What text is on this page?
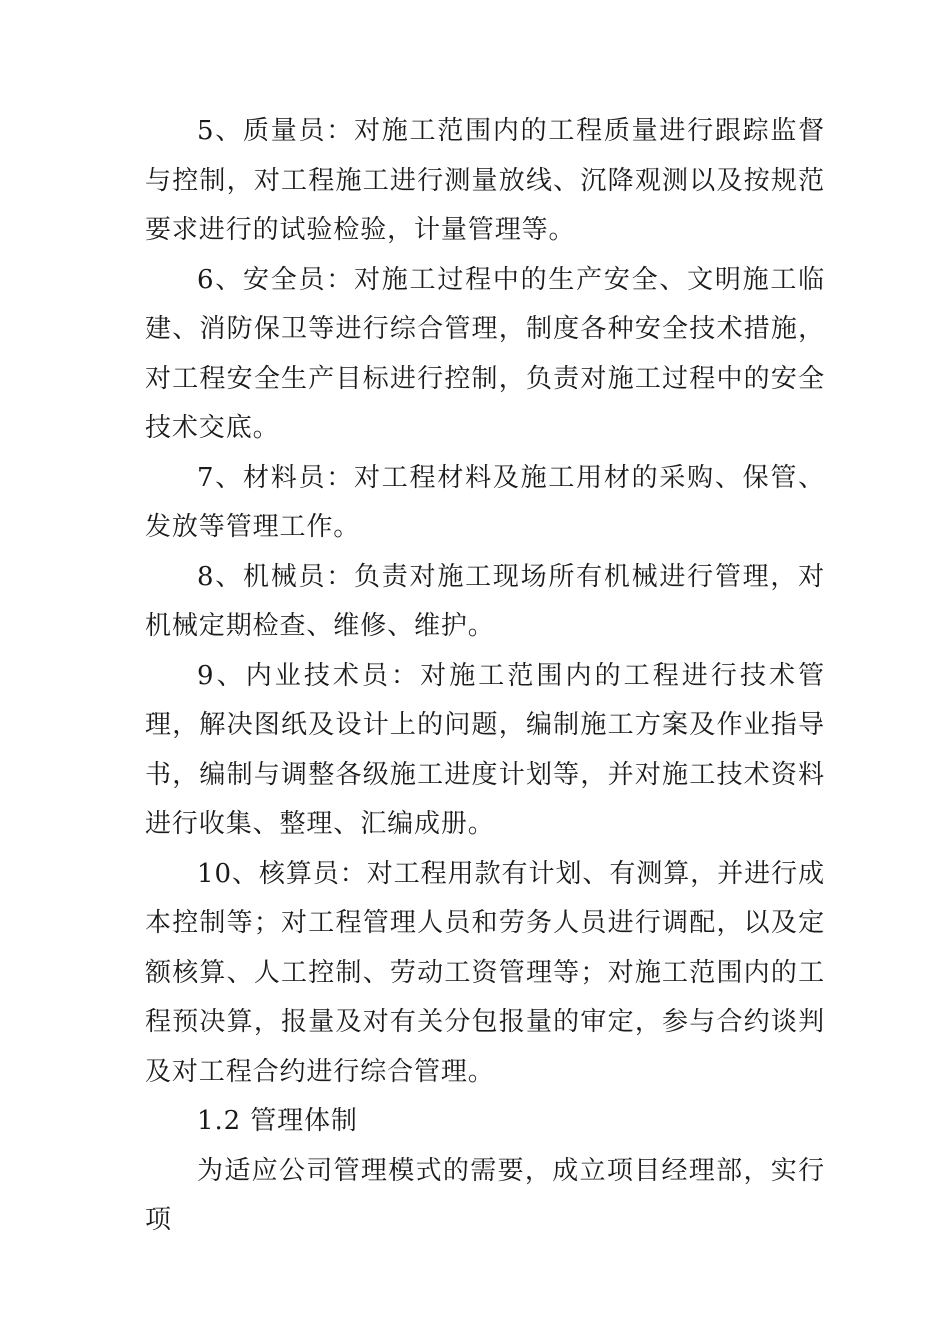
5、质量员：对施工范围内的工程质量进行跟踪监督与控制，对工程施工进行测量放线、沉降观测以及按规范要求进行的试验检验，计量管理等。

6、安全员：对施工过程中的生产安全、文明施工临建、消防保卫等进行综合管理，制度各种安全技术措施，对工程安全生产目标进行控制，负责对施工过程中的安全技术交底。

7、材料员：对工程材料及施工用材的采购、保管、发放等管理工作。

8、机械员：负责对施工现场所有机械进行管理，对机械定期检查、维修、维护。

9、内业技术员：对施工范围内的工程进行技术管理，解决图纸及设计上的问题，编制施工方案及作业指导书，编制与调整各级施工进度计划等，并对施工技术资料进行收集、整理、汇编成册。

10、核算员：对工程用款有计划、有测算，并进行成本控制等；对工程管理人员和劳务人员进行调配，以及定额核算、人工控制、劳动工资管理等；对施工范围内的工程预决算，报量及对有关分包报量的审定，参与合约谈判及对工程合约进行综合管理。

1.2 管理体制

为适应公司管理模式的需要，成立项目经理部，实行项
